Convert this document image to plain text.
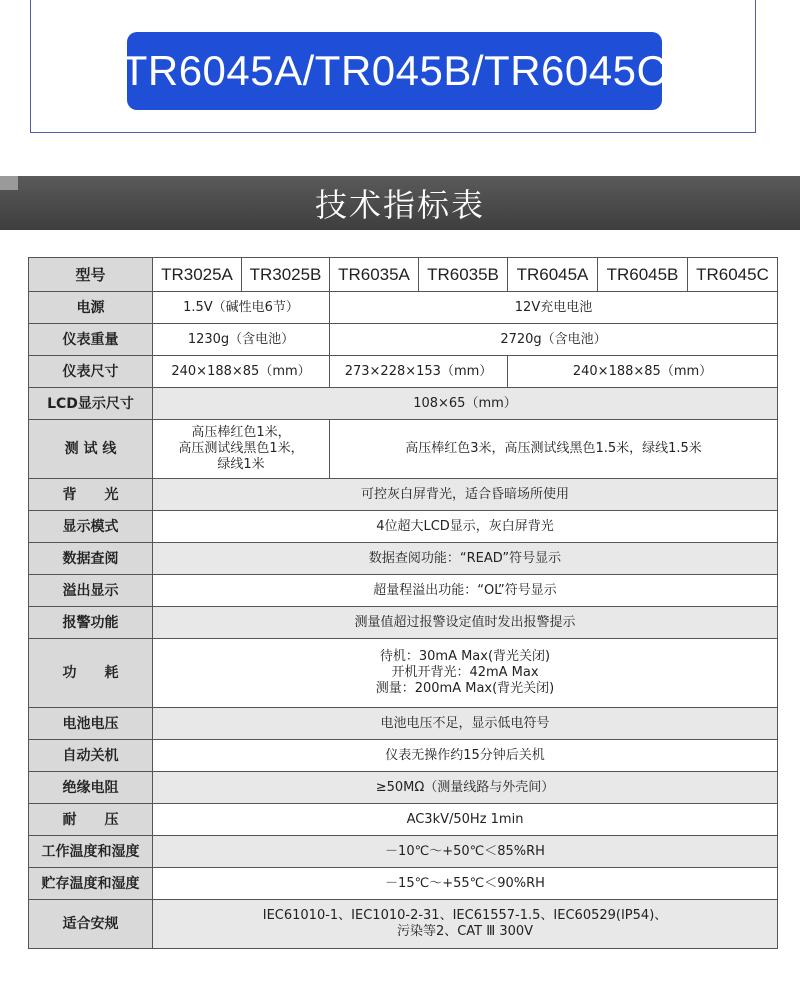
TR6045A/TR045B/TR6045C
技术指标表
型号	TR3025A	TR3025B	TR6035A	TR6035B	TR6045A	TR6045B	TR6045C
电源	1.5V（碱性电6节）		12V充电电池				
仪表重量	1230g（含电池）		2720g（含电池）				
仪表尺寸	240×188×85（mm）		273×228×153（mm）		240×188×85（mm）		
LCD显示尺寸	108×65（mm）						
测 试 线	高压棒红色1米，
高压测试线黑色1米，
绿线1米		高压棒红色3米，高压测试线黑色1.5米，绿线1.5米				
背　　光	可控灰白屏背光，适合昏暗场所使用						
显示模式	4位超大LCD显示，灰白屏背光						
数据查阅	数据查阅功能：“READ”符号显示						
溢出显示	超量程溢出功能：“OL”符号显示						
报警功能	测量值超过报警设定值时发出报警提示						
功　　耗	待机：30mA Max(背光关闭)
开机开背光：42mA Max
测量：200mA Max(背光关闭)						
电池电压	电池电压不足，显示低电符号						
自动关机	仪表无操作约15分钟后关机						
绝缘电阻	≥50MΩ（测量线路与外壳间）						
耐　　压	AC3kV/50Hz 1min						
工作温度和湿度	－10℃～+50℃＜85%RH						
贮存温度和湿度	－15℃～+55℃＜90%RH						
适合安规	IEC61010-1、IEC1010-2-31、IEC61557-1.5、IEC60529(IP54)、
污染等2、CAT Ⅲ 300V						
